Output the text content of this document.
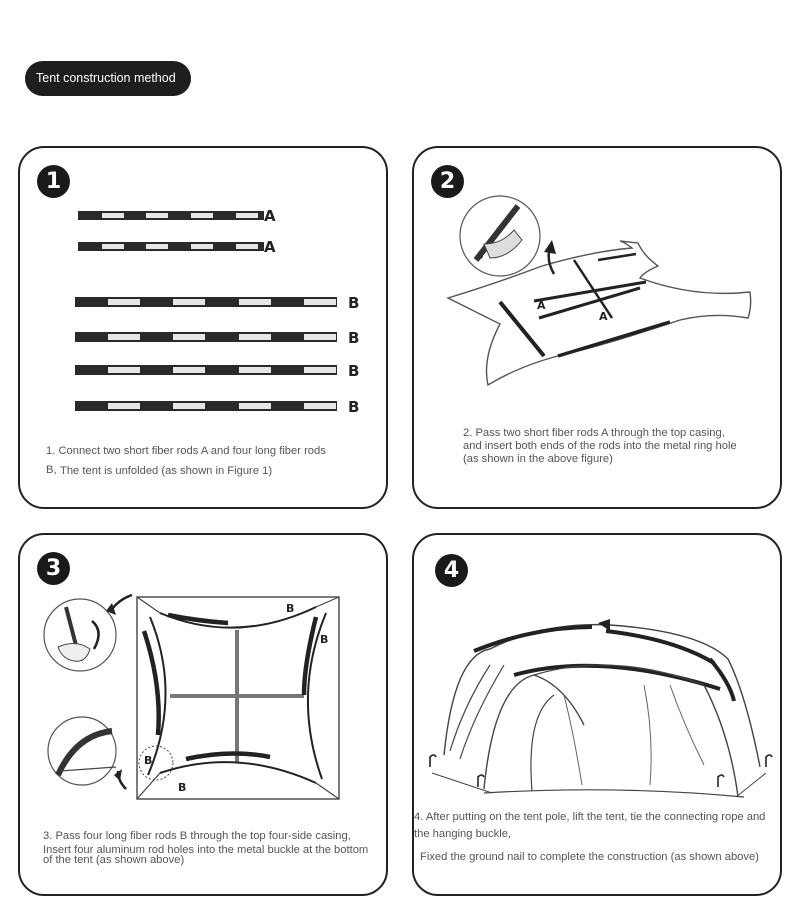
Tent construction method
1
A
A
B
B
B
B
1. Connect two short fiber rods A and four long fiber rods
B, The tent is unfolded (as shown in Figure 1)
2
A
A
2. Pass two short fiber rods A through the top casing,
and insert both ends of the rods into the metal ring hole
(as shown in the above figure)
3
B
B
B
B
3. Pass four long fiber rods B through the top four-side casing,
Insert four aluminum rod holes into the metal buckle at the bottom
of the tent (as shown above)
4
4. After putting on the tent pole, lift the tent, tie the connecting rope and
the hanging buckle,
Fixed the ground nail to complete the construction (as shown above)
